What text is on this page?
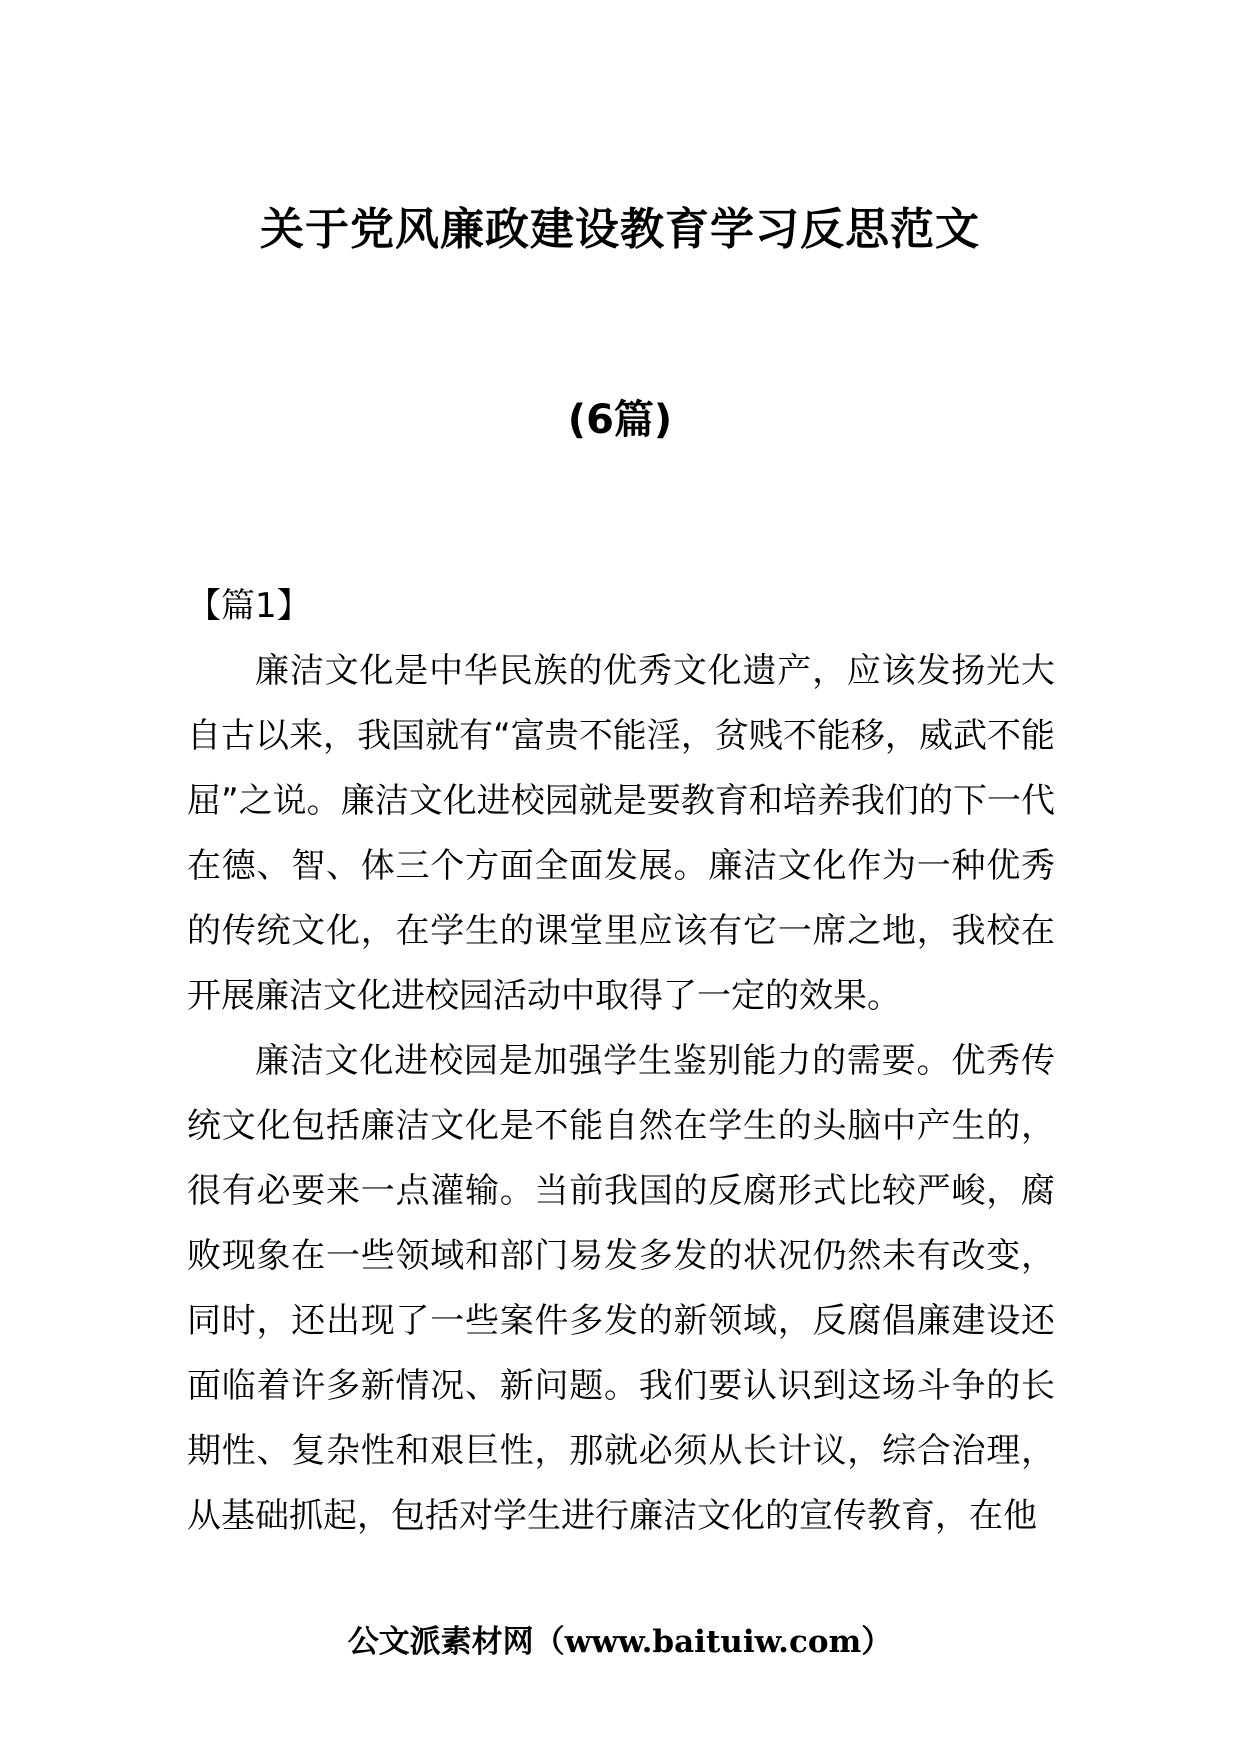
关于党风廉政建设教育学习反思范文
(6篇)

【篇1】

廉洁文化是中华民族的优秀文化遗产，应该发扬光大自古以来，我国就有“富贵不能淫，贫贱不能移，威武不能屈”之说。廉洁文化进校园就是要教育和培养我们的下一代在德、智、体三个方面全面发展。廉洁文化作为一种优秀的传统文化，在学生的课堂里应该有它一席之地，我校在开展廉洁文化进校园活动中取得了一定的效果。

廉洁文化进校园是加强学生鉴别能力的需要。优秀传统文化包括廉洁文化是不能自然在学生的头脑中产生的，很有必要来一点灌输。当前我国的反腐形式比较严峻，腐败现象在一些领域和部门易发多发的状况仍然未有改变，同时，还出现了一些案件多发的新领域，反腐倡廉建设还面临着许多新情况、新问题。我们要认识到这场斗争的长期性、复杂性和艰巨性，那就必须从长计议，综合治理，从基础抓起，包括对学生进行廉洁文化的宣传教育，在他

公文派素材网（www.baituiw.com）
